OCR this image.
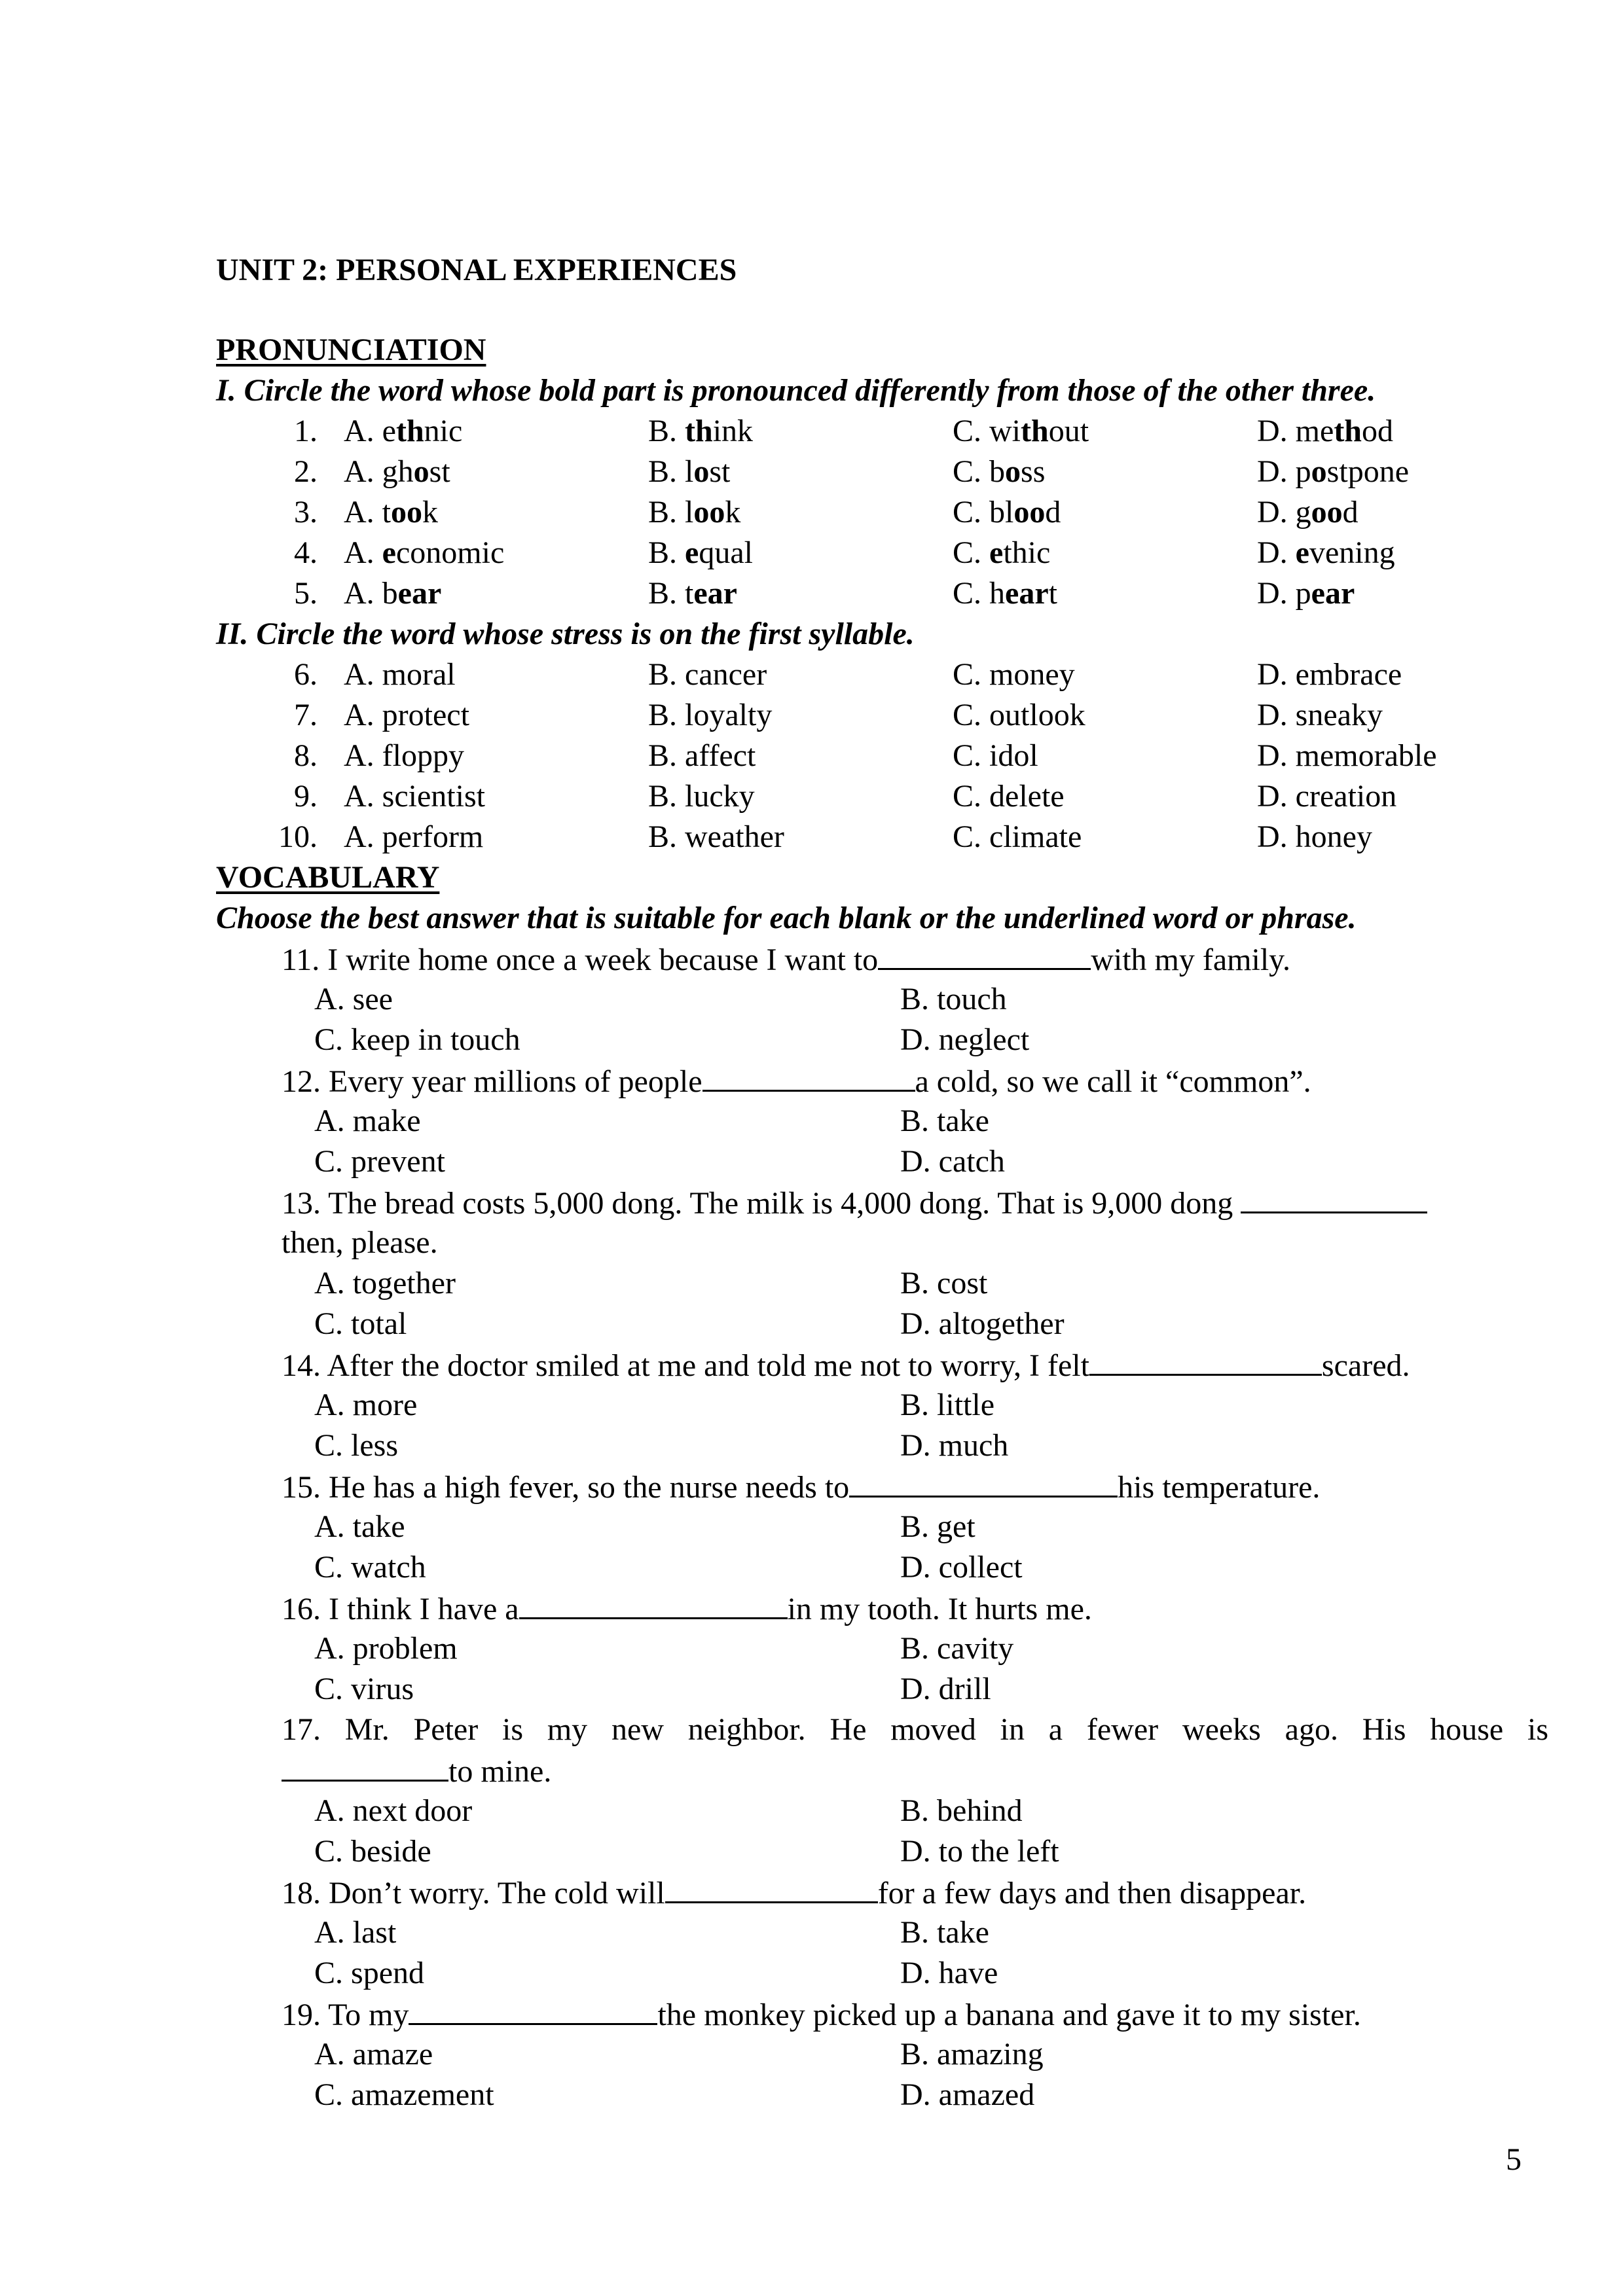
UNIT 2: PERSONAL EXPERIENCES
PRONUNCIATION
I. Circle the word whose bold part is pronounced differently from those of the other three.
1. A. ethnic	B. think	C. without	D. method
2. A. ghost	B. lost	C. boss	D. postpone
3. A. took	B. look	C. blood	D. good
4. A. economic	B. equal	C. ethic	D. evening
5. A. bear	B. tear	C. heart	D. pear
II. Circle the word whose stress is on the first syllable.
6. A. moral	B. cancer	C. money	D. embrace
7. A. protect	B. loyalty	C. outlook	D. sneaky
8. A. floppy	B. affect	C. idol	D. memorable
9. A. scientist	B. lucky	C. delete	D. creation
10. A. perform	B. weather	C. climate	D. honey
VOCABULARY
Choose the best answer that is suitable for each blank or the underlined word or phrase.
11. I write home once a week because I want to	with my family.
A. see	B. touch
C. keep in touch	D. neglect
12. Every year millions of people	a cold, so we call it “common”.
A. make	B. take
C. prevent	D. catch
13. The bread costs 5,000 dong. The milk is 4,000 dong. That is 9,000 dong
then, please.
A. together	B. cost
C. total	D. altogether
14. After the doctor smiled at me and told me not to worry, I felt	scared.
A. more	B. little
C. less	D. much
15. He has a high fever, so the nurse needs to	his temperature.
A. take	B. get
C. watch	D. collect
16. I think I have a	in my tooth. It hurts me.
A. problem	B. cavity
C. virus	D. drill
17. Mr. Peter is my new neighbor. He moved in a fewer weeks ago. His house is
to mine.
A. next door	B. behind
C. beside	D. to the left
18. Don’t worry. The cold will	for a few days and then disappear.
A. last	B. take
C. spend	D. have
19. To my	the monkey picked up a banana and gave it to my sister.
A. amaze	B. amazing
C. amazement	D. amazed
5
